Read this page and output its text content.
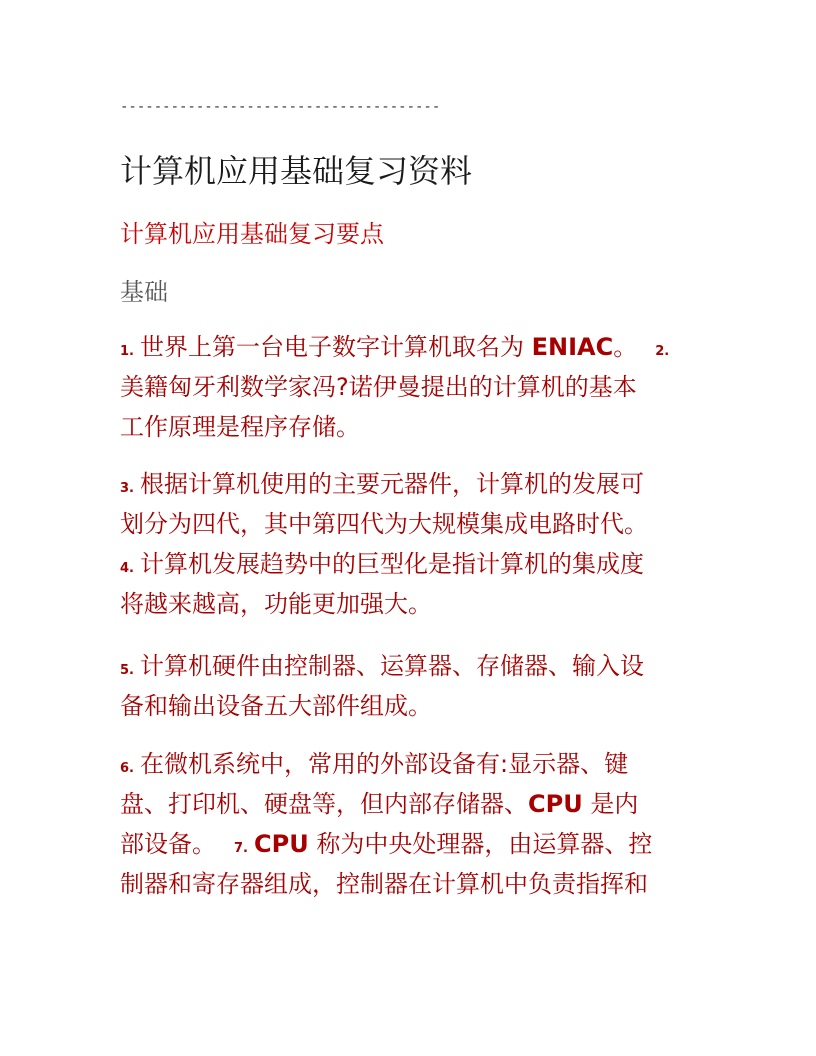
--------------------------------------
计算机应用基础复习资料
计算机应用基础复习要点
基础
1. 世界上第一台电子数字计算机取名为 ENIAC。 2.
美籍匈牙利数学家冯?诺伊曼提出的计算机的基本
工作原理是程序存储。
3. 根据计算机使用的主要元器件，计算机的发展可
划分为四代，其中第四代为大规模集成电路时代。
4. 计算机发展趋势中的巨型化是指计算机的集成度
将越来越高，功能更加强大。
5. 计算机硬件由控制器、运算器、存储器、输入设
备和输出设备五大部件组成。
6. 在微机系统中，常用的外部设备有:显示器、键
盘、打印机、硬盘等，但内部存储器、CPU 是内
部设备。 7. CPU 称为中央处理器，由运算器、控
制器和寄存器组成，控制器在计算机中负责指挥和
